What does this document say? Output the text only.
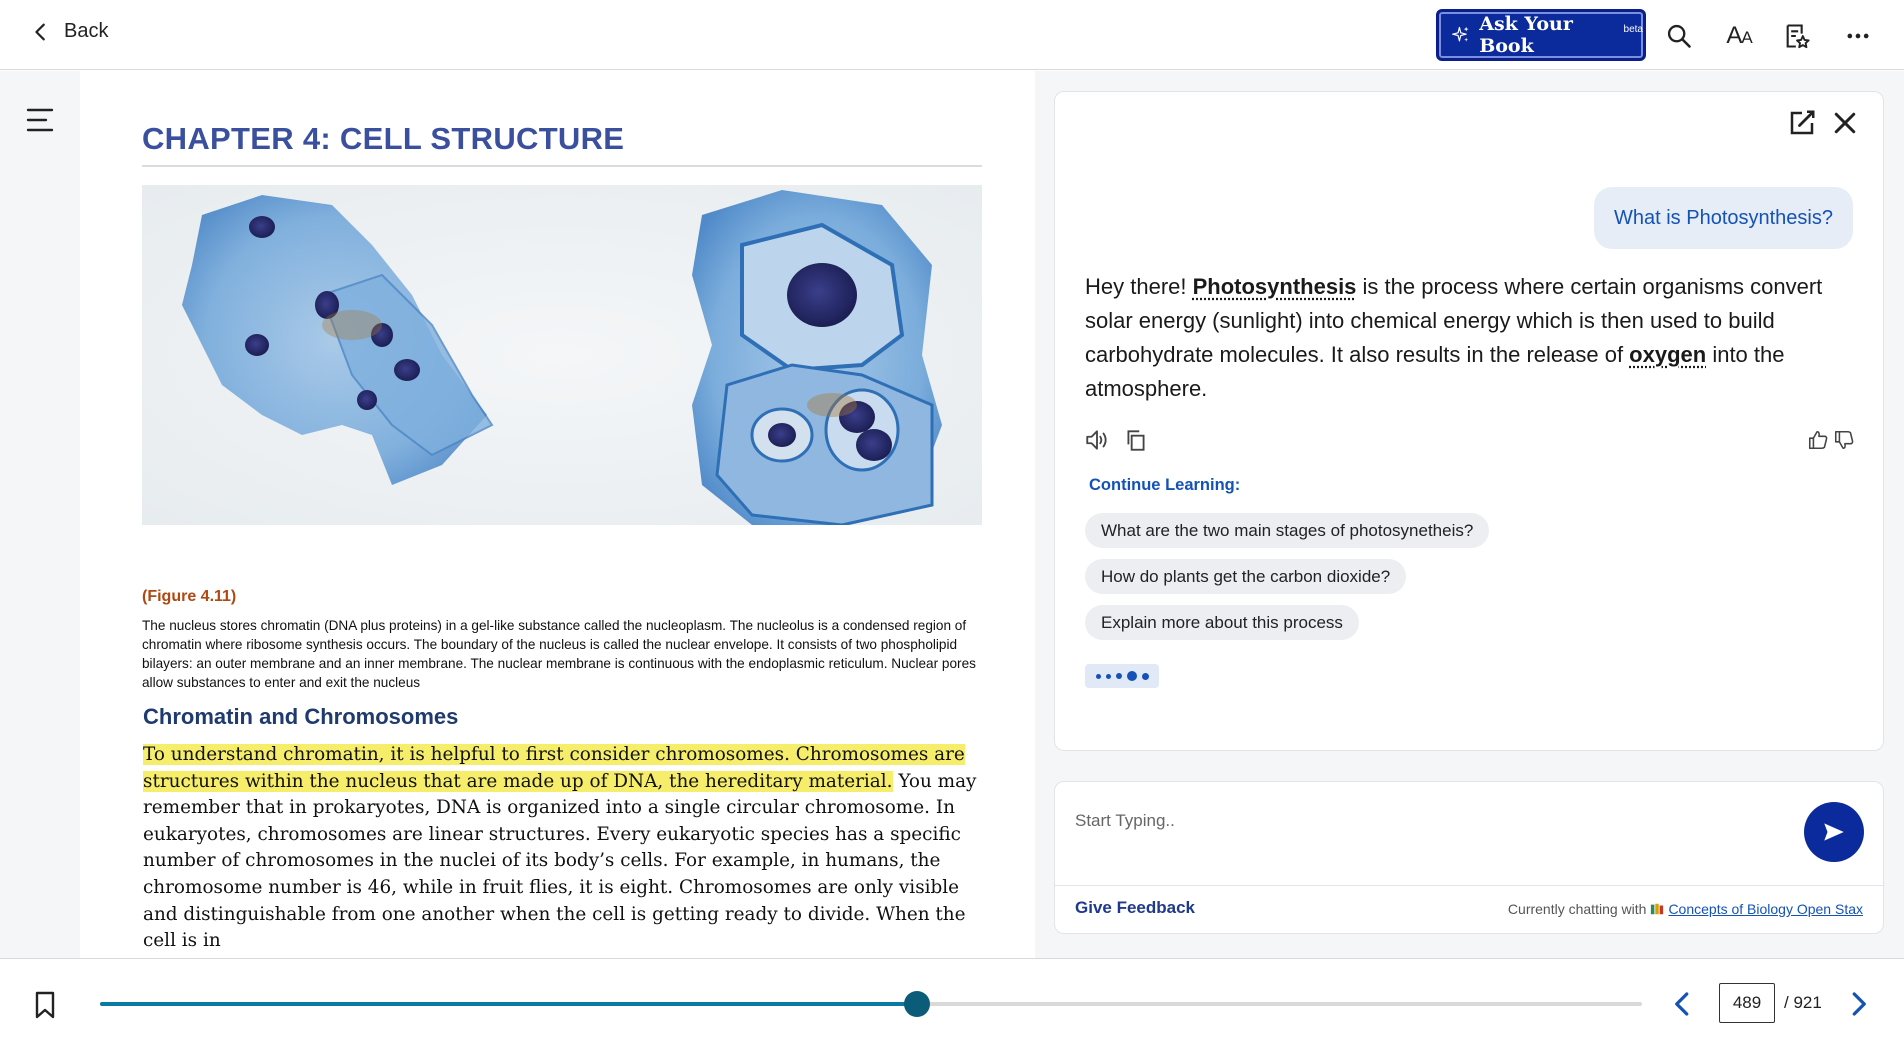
Back	Ask Your Book
beta	AA
CHAPTER 4: CELL STRUCTURE
(Figure 4.11)
The nucleus stores chromatin (DNA plus proteins) in a gel-like substance called the nucleoplasm. The nucleolus is a condensed region of chromatin where ribosome synthesis occurs. The boundary of the nucleus is called the nuclear envelope. It consists of two phospholipid bilayers: an outer membrane and an inner membrane. The nuclear membrane is continuous with the endoplasmic reticulum. Nuclear pores allow substances to enter and exit the nucleus
Chromatin and Chromosomes
To understand chromatin, it is helpful to first consider chromosomes. Chromosomes are structures within the nucleus that are made up of DNA, the hereditary material. You may remember that in prokaryotes, DNA is organized into a single circular chromosome. In eukaryotes, chromosomes are linear structures. Every eukaryotic species has a specific number of chromosomes in the nuclei of its body’s cells. For example, in humans, the chromosome number is 46, while in fruit flies, it is eight. Chromosomes are only visible and distinguishable from one another when the cell is getting ready to divide. When the cell is in
What is Photosynthesis?
Hey there! Photosynthesis is the process where certain organisms convert solar energy (sunlight) into chemical energy which is then used to build carbohydrate molecules. It also results in the release of oxygen into the atmosphere.
Continue Learning:
What are the two main stages of photosynetheis?
How do plants get the carbon dioxide?
Explain more about this process
Start Typing..
Give Feedback	Currently chatting with Concepts of Biology Open Stax
489
/ 921
